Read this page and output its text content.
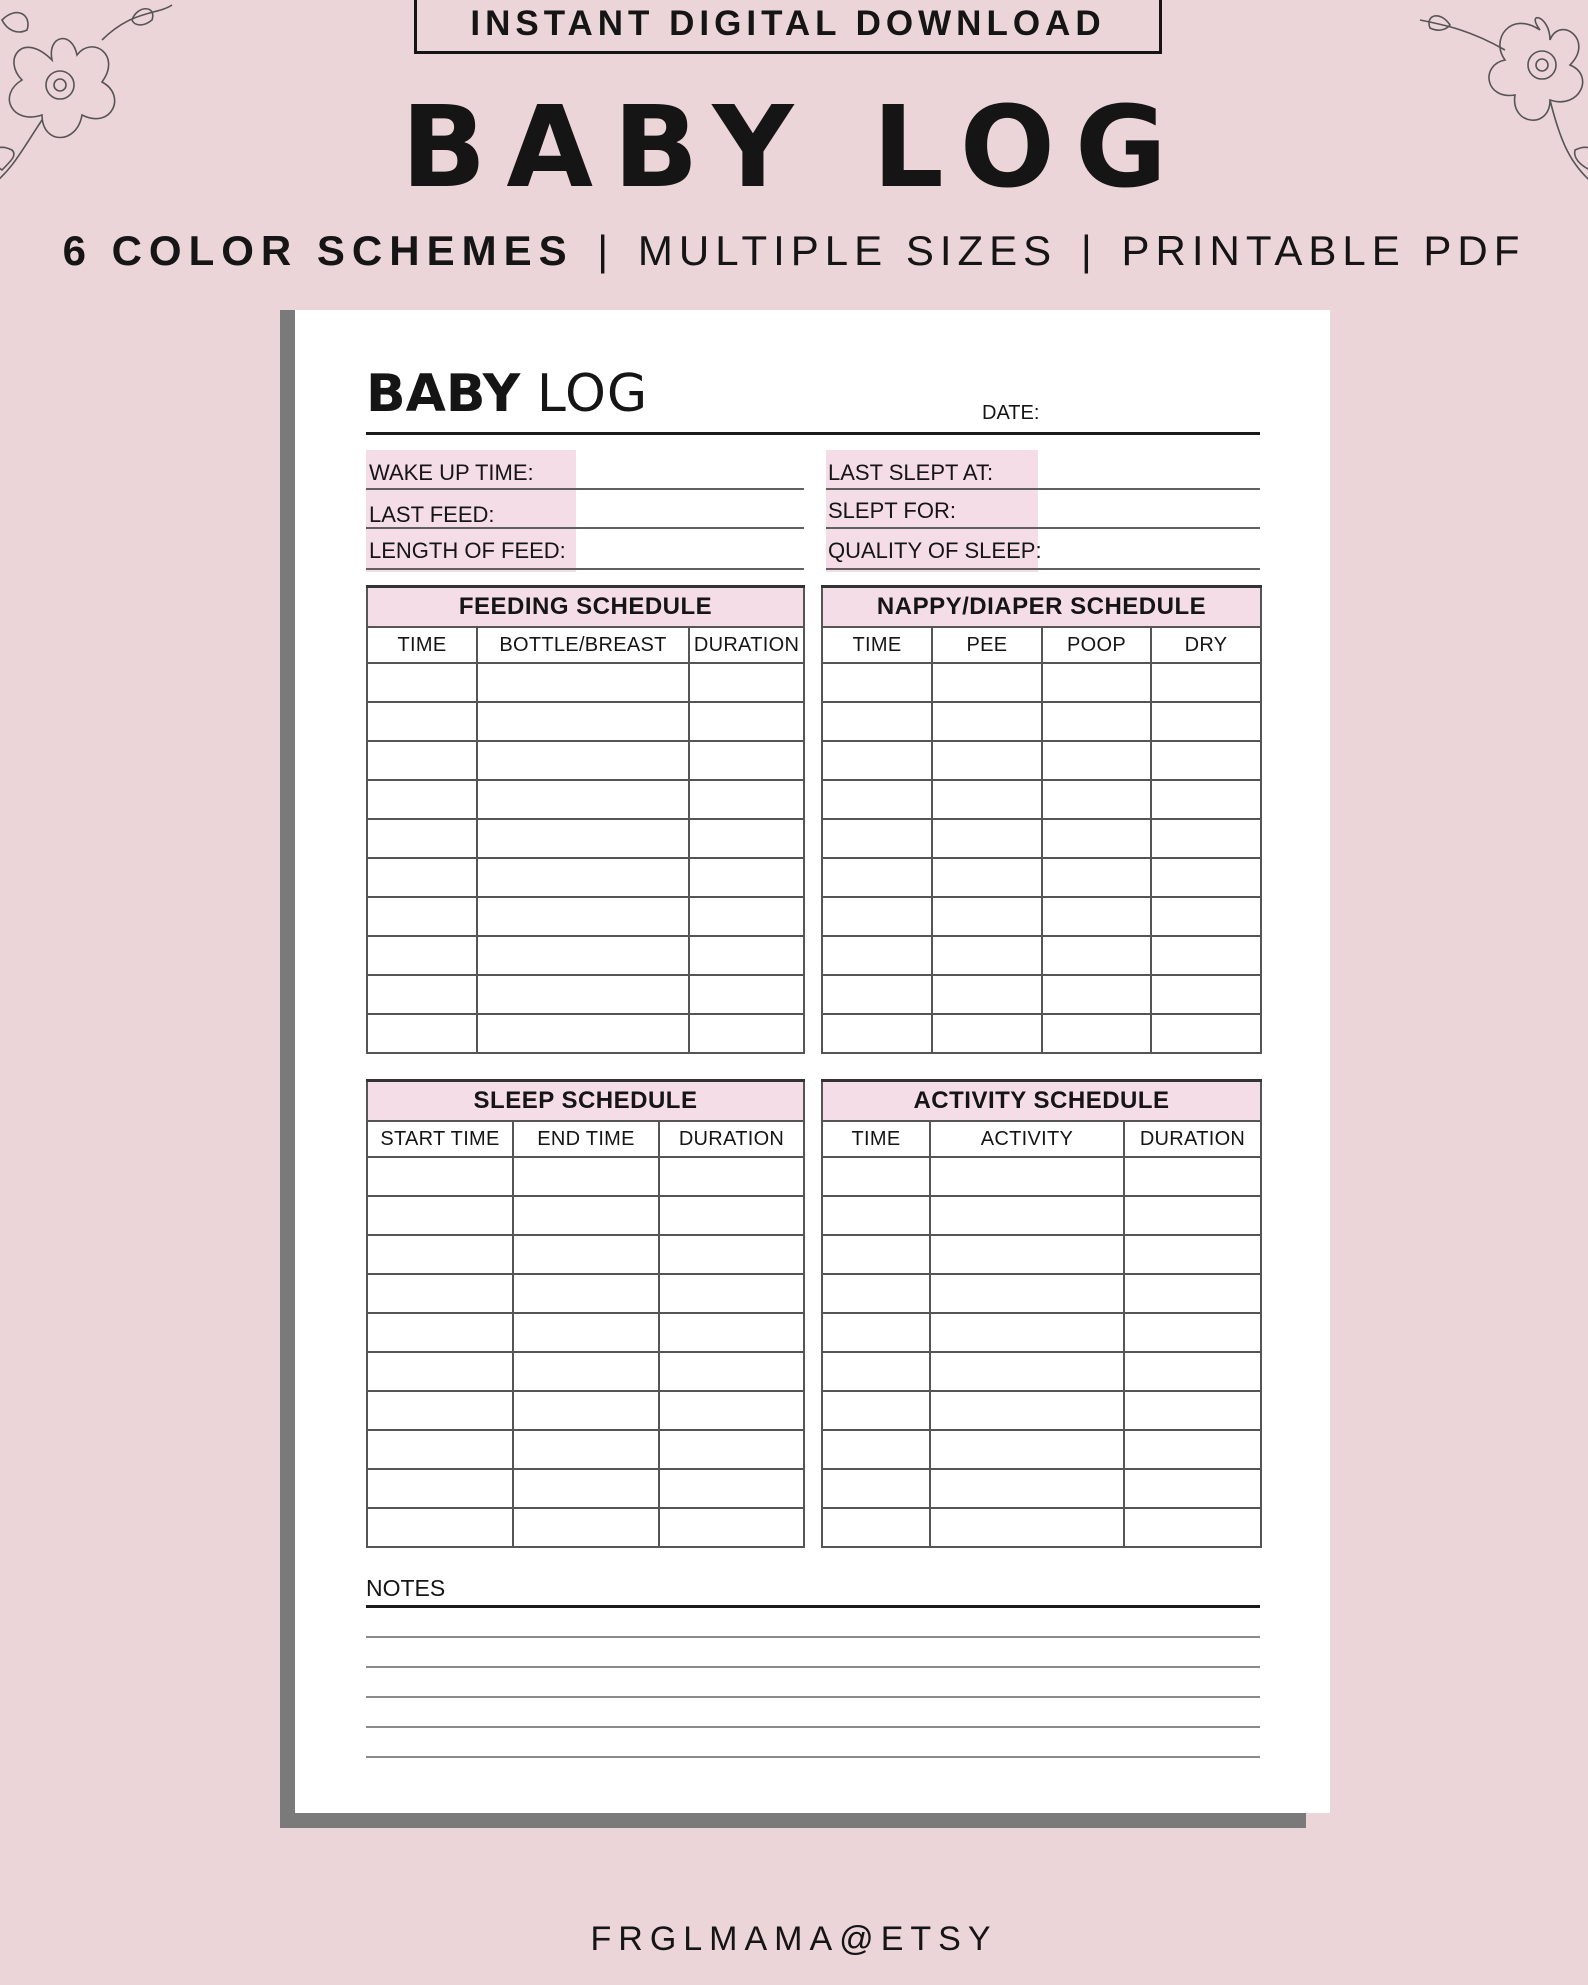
INSTANT DIGITAL DOWNLOAD
BABY LOG
6 COLOR SCHEMES | MULTIPLE SIZES | PRINTABLE PDF
BABY LOG	DATE:
WAKE UP TIME:
LAST FEED:
LENGTH OF FEED:
LAST SLEPT AT:
SLEPT FOR:
QUALITY OF SLEEP:
FEEDING SCHEDULE		
TIME	BOTTLE/BREAST	DURATION

NAPPY/DIAPER SCHEDULE			
TIME	PEE	POOP	DRY

SLEEP SCHEDULE		
START TIME	END TIME	DURATION

ACTIVITY SCHEDULE		
TIME	ACTIVITY	DURATION

NOTES
FRGLMAMA@ETSY
